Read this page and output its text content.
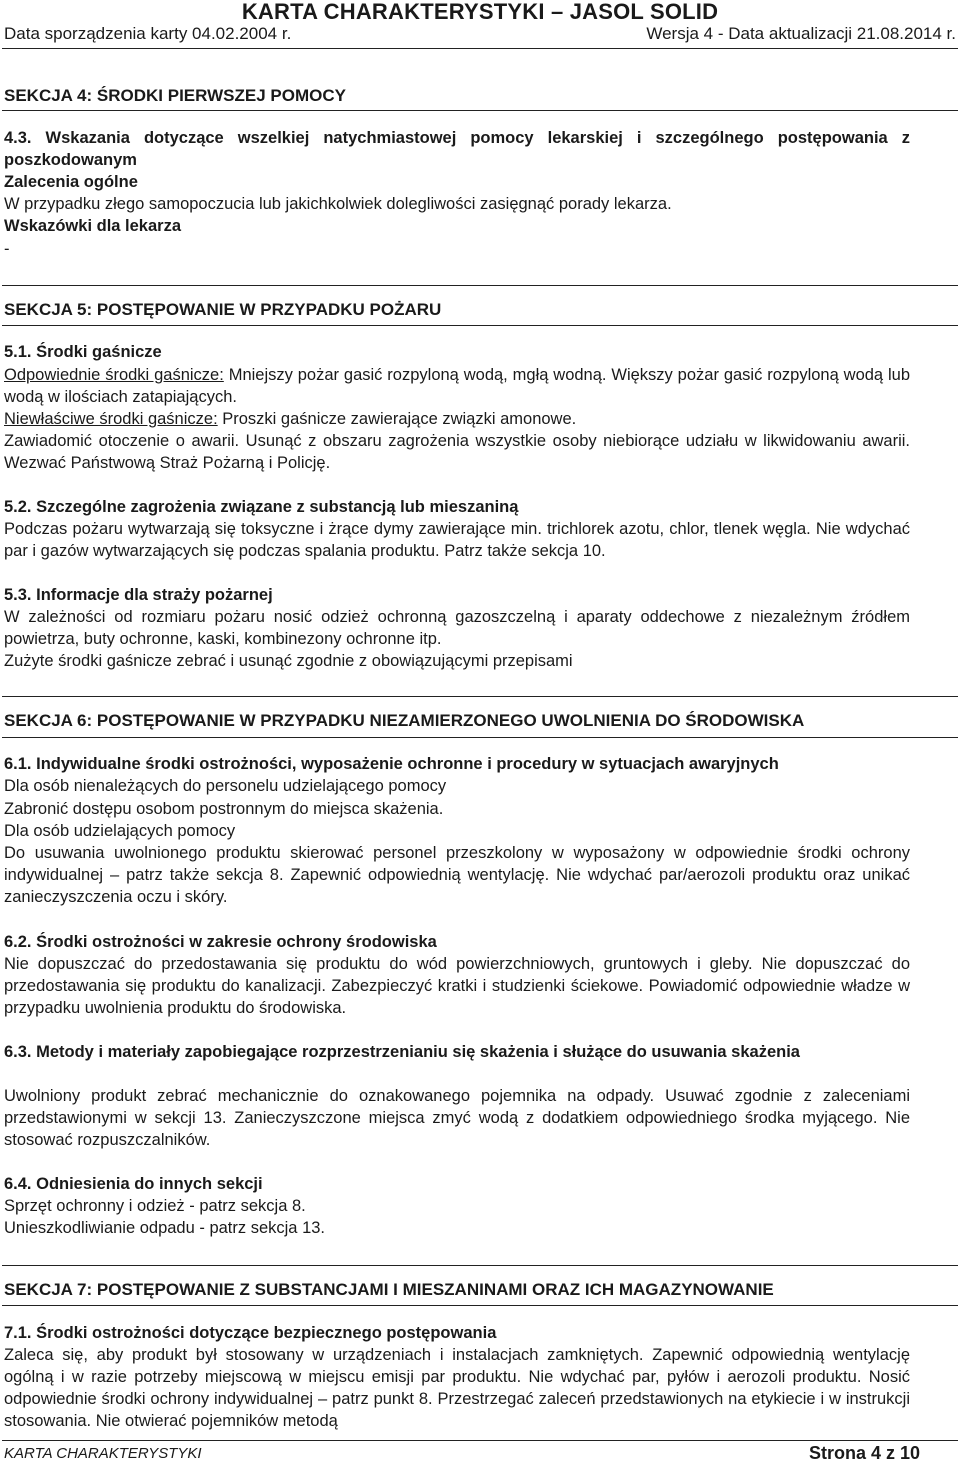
KARTA CHARAKTERYSTYKI – JASOL SOLID
Data sporządzenia karty 04.02.2004 r.	Wersja 4 - Data aktualizacji 21.08.2014 r.
SEKCJA 4: ŚRODKI PIERWSZEJ POMOCY
4.3. Wskazania dotyczące wszelkiej natychmiastowej pomocy lekarskiej i szczególnego postępowania z poszkodowanym
Zalecenia ogólne
W przypadku złego samopoczucia lub jakichkolwiek dolegliwości zasięgnąć porady lekarza.
Wskazówki dla lekarza
-
SEKCJA 5: POSTĘPOWANIE W PRZYPADKU POŻARU
5.1. Środki gaśnicze
Odpowiednie środki gaśnicze: Mniejszy pożar gasić rozpyloną wodą, mgłą wodną. Większy pożar gasić rozpyloną wodą lub wodą w ilościach zatapiających.
Niewłaściwe środki gaśnicze: Proszki gaśnicze zawierające związki amonowe.
Zawiadomić otoczenie o awarii. Usunąć z obszaru zagrożenia wszystkie osoby niebiorące udziału w likwidowaniu awarii. Wezwać Państwową Straż Pożarną i Policję.
5.2. Szczególne zagrożenia związane z substancją lub mieszaniną
Podczas pożaru wytwarzają się toksyczne i żrące dymy zawierające min. trichlorek azotu, chlor, tlenek węgla. Nie wdychać par i gazów wytwarzających się podczas spalania produktu. Patrz także sekcja 10.
5.3. Informacje dla straży pożarnej
W zależności od rozmiaru pożaru nosić odzież ochronną gazoszczelną i aparaty oddechowe z niezależnym źródłem powietrza, buty ochronne, kaski, kombinezony ochronne itp.
Zużyte środki gaśnicze zebrać i usunąć zgodnie z obowiązującymi przepisami
SEKCJA 6: POSTĘPOWANIE W PRZYPADKU NIEZAMIERZONEGO UWOLNIENIA DO ŚRODOWISKA
6.1. Indywidualne środki ostrożności, wyposażenie ochronne i procedury w sytuacjach awaryjnych
Dla osób nienależących do personelu udzielającego pomocy
Zabronić dostępu osobom postronnym do miejsca skażenia.
Dla osób udzielających pomocy
Do usuwania uwolnionego produktu skierować personel przeszkolony w wyposażony w odpowiednie środki ochrony indywidualnej – patrz także sekcja 8. Zapewnić odpowiednią wentylację. Nie wdychać par/aerozoli produktu oraz unikać zanieczyszczenia oczu i skóry.
6.2. Środki ostrożności w zakresie ochrony środowiska
Nie dopuszczać do przedostawania się produktu do wód powierzchniowych, gruntowych i gleby. Nie dopuszczać do przedostawania się produktu do kanalizacji. Zabezpieczyć kratki i studzienki ściekowe. Powiadomić odpowiednie władze w przypadku uwolnienia produktu do środowiska.
6.3. Metody i materiały zapobiegające rozprzestrzenianiu się skażenia i służące do usuwania skażenia
Uwolniony produkt zebrać mechanicznie do oznakowanego pojemnika na odpady. Usuwać zgodnie z zaleceniami przedstawionymi w sekcji 13. Zanieczyszczone miejsca zmyć wodą z dodatkiem odpowiedniego środka myjącego. Nie stosować rozpuszczalników.
6.4. Odniesienia do innych sekcji
Sprzęt ochronny i odzież - patrz sekcja 8.
Unieszkodliwianie odpadu - patrz sekcja 13.
SEKCJA 7: POSTĘPOWANIE Z SUBSTANCJAMI I MIESZANINAMI ORAZ ICH MAGAZYNOWANIE
7.1. Środki ostrożności dotyczące bezpiecznego postępowania
Zaleca się, aby produkt był stosowany w urządzeniach i instalacjach zamkniętych. Zapewnić odpowiednią wentylację ogólną i w razie potrzeby miejscową w miejscu emisji par produktu. Nie wdychać par, pyłów i aerozoli produktu. Nosić odpowiednie środki ochrony indywidualnej – patrz punkt 8. Przestrzegać zaleceń przedstawionych na etykiecie i w instrukcji stosowania. Nie otwierać pojemników metodą
KARTA CHARAKTERYSTYKI	Strona 4 z 10
